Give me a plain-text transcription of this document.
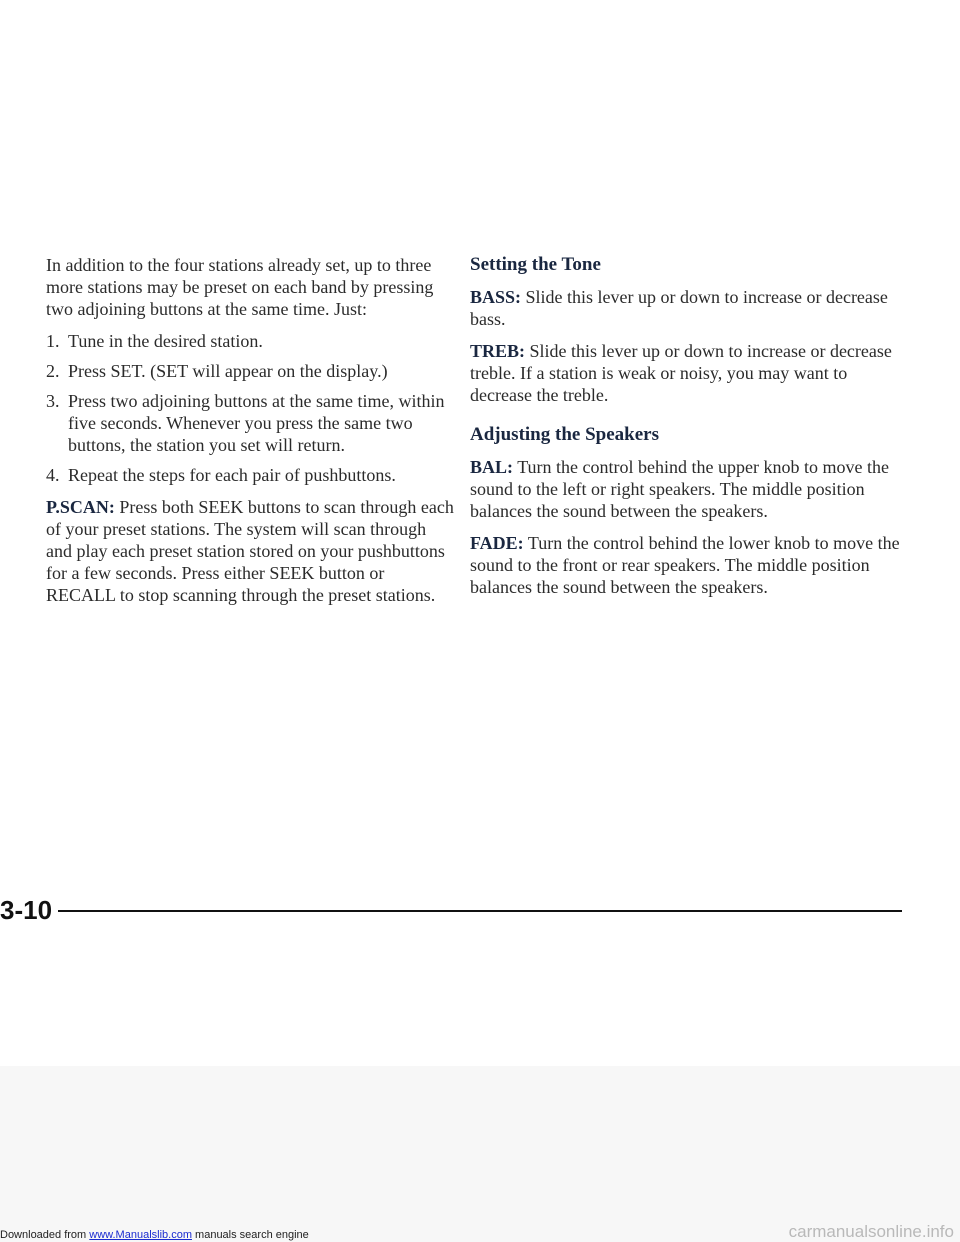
In addition to the four stations already set, up to three more stations may be preset on each band by pressing two adjoining buttons at the same time. Just:

1. Tune in the desired station.
2. Press SET. (SET will appear on the display.)
3. Press two adjoining buttons at the same time, within five seconds. Whenever you press the same two buttons, the station you set will return.
4. Repeat the steps for each pair of pushbuttons.

P.SCAN: Press both SEEK buttons to scan through each of your preset stations. The system will scan through and play each preset station stored on your pushbuttons for a few seconds. Press either SEEK button or RECALL to stop scanning through the preset stations.

Setting the Tone

BASS: Slide this lever up or down to increase or decrease bass.

TREB: Slide this lever up or down to increase or decrease treble. If a station is weak or noisy, you may want to decrease the treble.

Adjusting the Speakers

BAL: Turn the control behind the upper knob to move the sound to the left or right speakers. The middle position balances the sound between the speakers.

FADE: Turn the control behind the lower knob to move the sound to the front or rear speakers. The middle position balances the sound between the speakers.

3-10
Downloaded from www.Manualslib.com manuals search engine	carmanualsonline.info
